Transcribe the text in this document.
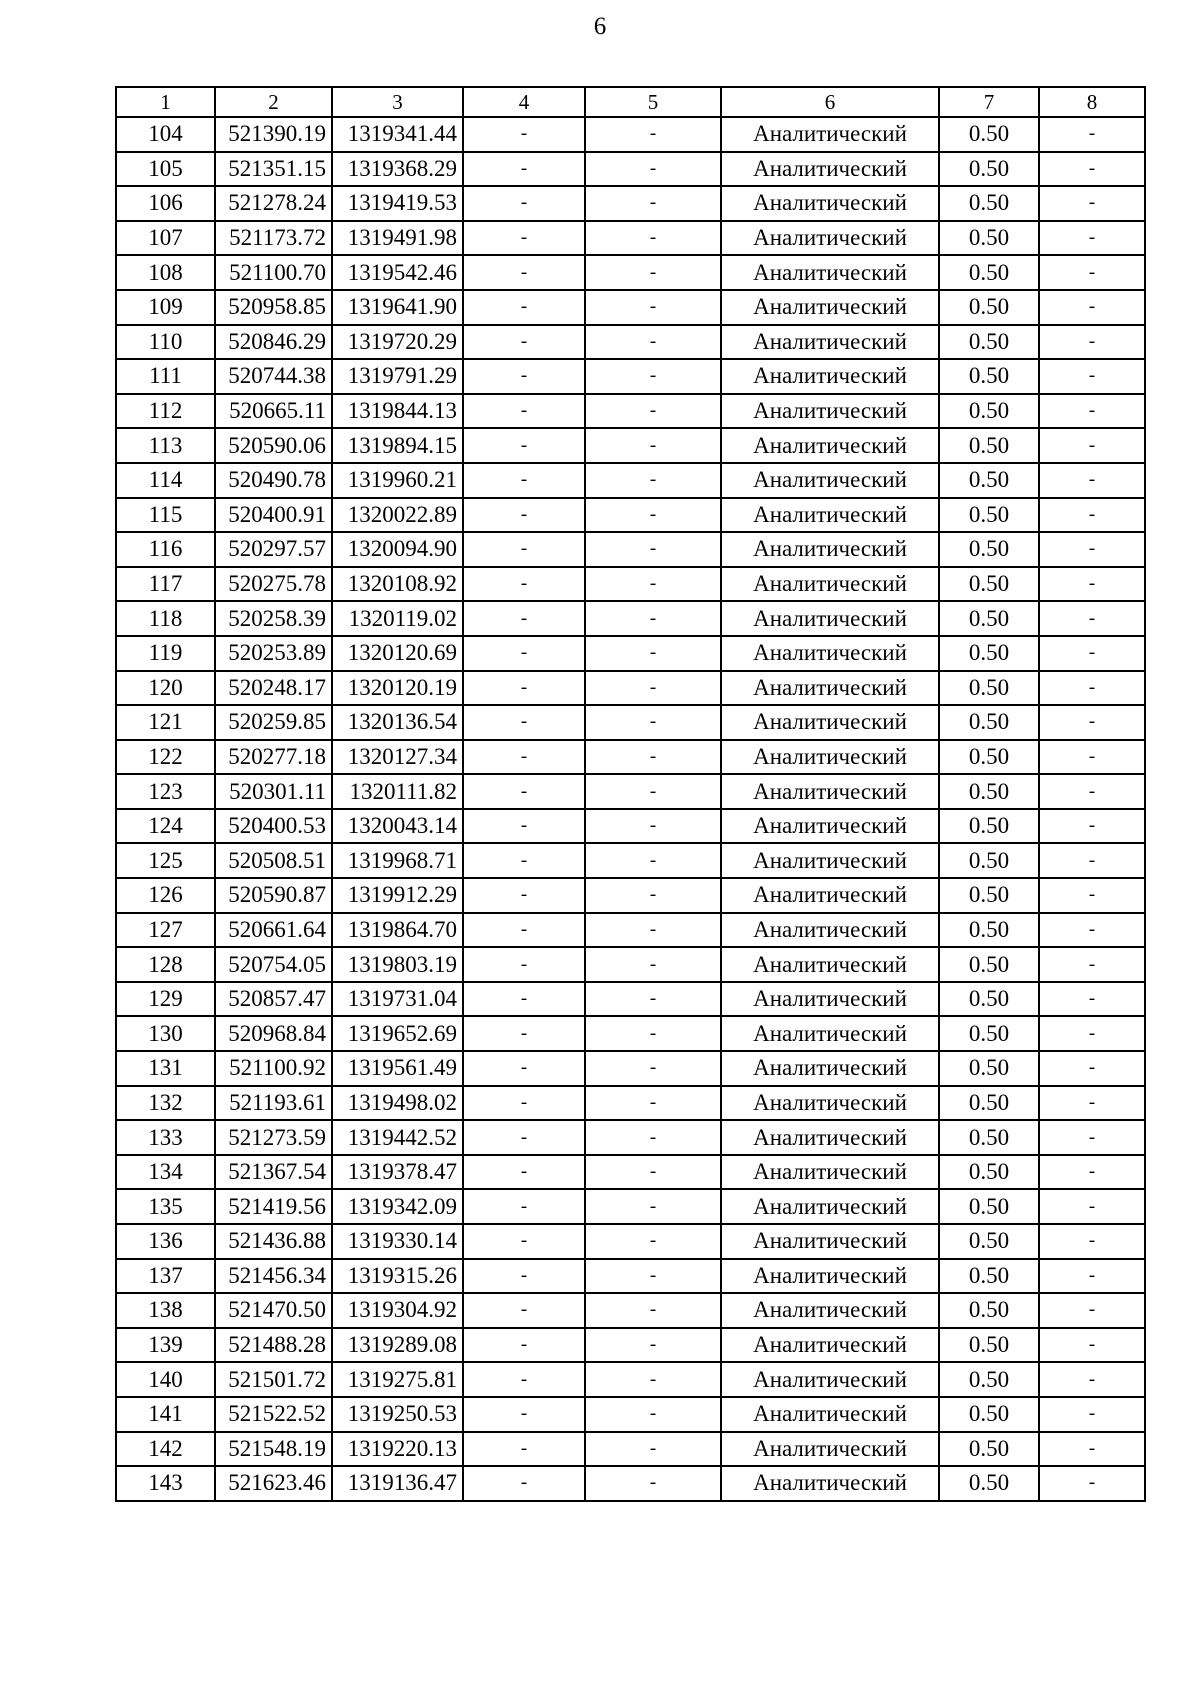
6
1	2	3	4	5	6	7	8
104	521390.19	1319341.44	-	-	Аналитический	0.50	-
105	521351.15	1319368.29	-	-	Аналитический	0.50	-
106	521278.24	1319419.53	-	-	Аналитический	0.50	-
107	521173.72	1319491.98	-	-	Аналитический	0.50	-
108	521100.70	1319542.46	-	-	Аналитический	0.50	-
109	520958.85	1319641.90	-	-	Аналитический	0.50	-
110	520846.29	1319720.29	-	-	Аналитический	0.50	-
111	520744.38	1319791.29	-	-	Аналитический	0.50	-
112	520665.11	1319844.13	-	-	Аналитический	0.50	-
113	520590.06	1319894.15	-	-	Аналитический	0.50	-
114	520490.78	1319960.21	-	-	Аналитический	0.50	-
115	520400.91	1320022.89	-	-	Аналитический	0.50	-
116	520297.57	1320094.90	-	-	Аналитический	0.50	-
117	520275.78	1320108.92	-	-	Аналитический	0.50	-
118	520258.39	1320119.02	-	-	Аналитический	0.50	-
119	520253.89	1320120.69	-	-	Аналитический	0.50	-
120	520248.17	1320120.19	-	-	Аналитический	0.50	-
121	520259.85	1320136.54	-	-	Аналитический	0.50	-
122	520277.18	1320127.34	-	-	Аналитический	0.50	-
123	520301.11	1320111.82	-	-	Аналитический	0.50	-
124	520400.53	1320043.14	-	-	Аналитический	0.50	-
125	520508.51	1319968.71	-	-	Аналитический	0.50	-
126	520590.87	1319912.29	-	-	Аналитический	0.50	-
127	520661.64	1319864.70	-	-	Аналитический	0.50	-
128	520754.05	1319803.19	-	-	Аналитический	0.50	-
129	520857.47	1319731.04	-	-	Аналитический	0.50	-
130	520968.84	1319652.69	-	-	Аналитический	0.50	-
131	521100.92	1319561.49	-	-	Аналитический	0.50	-
132	521193.61	1319498.02	-	-	Аналитический	0.50	-
133	521273.59	1319442.52	-	-	Аналитический	0.50	-
134	521367.54	1319378.47	-	-	Аналитический	0.50	-
135	521419.56	1319342.09	-	-	Аналитический	0.50	-
136	521436.88	1319330.14	-	-	Аналитический	0.50	-
137	521456.34	1319315.26	-	-	Аналитический	0.50	-
138	521470.50	1319304.92	-	-	Аналитический	0.50	-
139	521488.28	1319289.08	-	-	Аналитический	0.50	-
140	521501.72	1319275.81	-	-	Аналитический	0.50	-
141	521522.52	1319250.53	-	-	Аналитический	0.50	-
142	521548.19	1319220.13	-	-	Аналитический	0.50	-
143	521623.46	1319136.47	-	-	Аналитический	0.50	-
